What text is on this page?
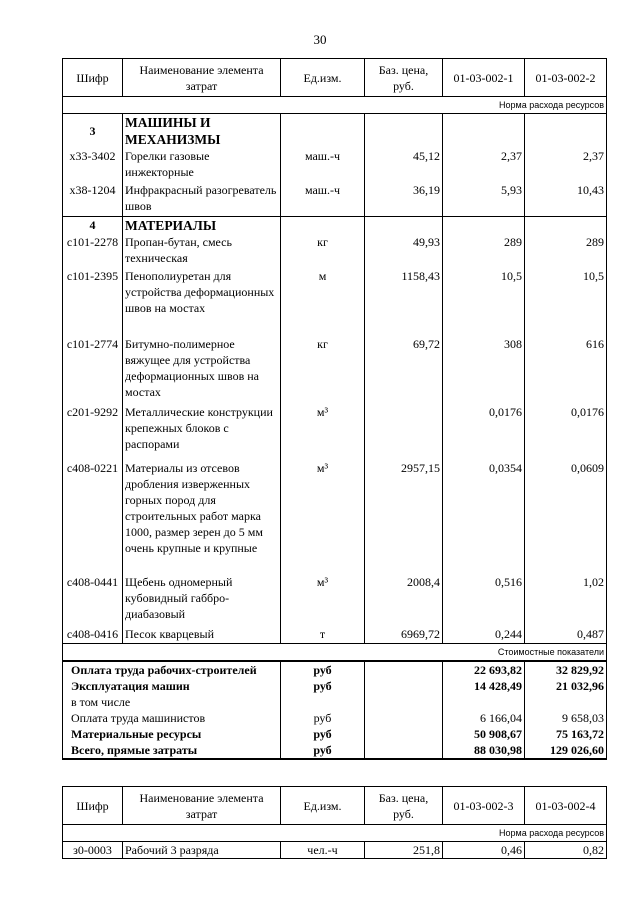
30
Шифр	Наименование элемента затрат	Ед.изм.	Баз. цена, руб.	01-03-002-1	01-03-002-2
Норма расхода ресурсов					
3	МАШИНЫ И МЕХАНИЗМЫ				
х33-3402	Горелки газовые инжекторные	маш.-ч	45,12	2,37	2,37
х38-1204	Инфракрасный разогреватель швов	маш.-ч	36,19	5,93	10,43
4	МАТЕРИАЛЫ				
с101-2278	Пропан-бутан, смесь техническая	кг	49,93	289	289
с101-2395	Пенополиуретан для устройства деформационных швов на мостах	м	1158,43	10,5	10,5
с101-2774	Битумно-полимерное вяжущее для устройства деформационных швов на мостах	кг	69,72	308	616
с201-9292	Металлические конструкции крепежных блоков с распорами	м³		0,0176	0,0176
с408-0221	Материалы из отсевов дробления изверженных горных пород для строительных работ марка 1000, размер зерен до 5 мм очень крупные и крупные	м³	2957,15	0,0354	0,0609
с408-0441	Щебень одномерный кубовидный габбро-диабазовый	м³	2008,4	0,516	1,02
с408-0416	Песок кварцевый	т	6969,72	0,244	0,487
Стоимостные показатели					
Оплата труда рабочих-строителей		руб		22 693,82	32 829,92
Эксплуатация машин		руб		14 428,49	21 032,96
в том числе					
Оплата труда машинистов		руб		6 166,04	9 658,03
Материальные ресурсы		руб		50 908,67	75 163,72
Всего, прямые затраты		руб		88 030,98	129 026,60
Шифр	Наименование элемента затрат	Ед.изм.	Баз. цена, руб.	01-03-002-3	01-03-002-4
Норма расхода ресурсов					
з0-0003	Рабочий 3 разряда	чел.-ч	251,8	0,46	0,82
